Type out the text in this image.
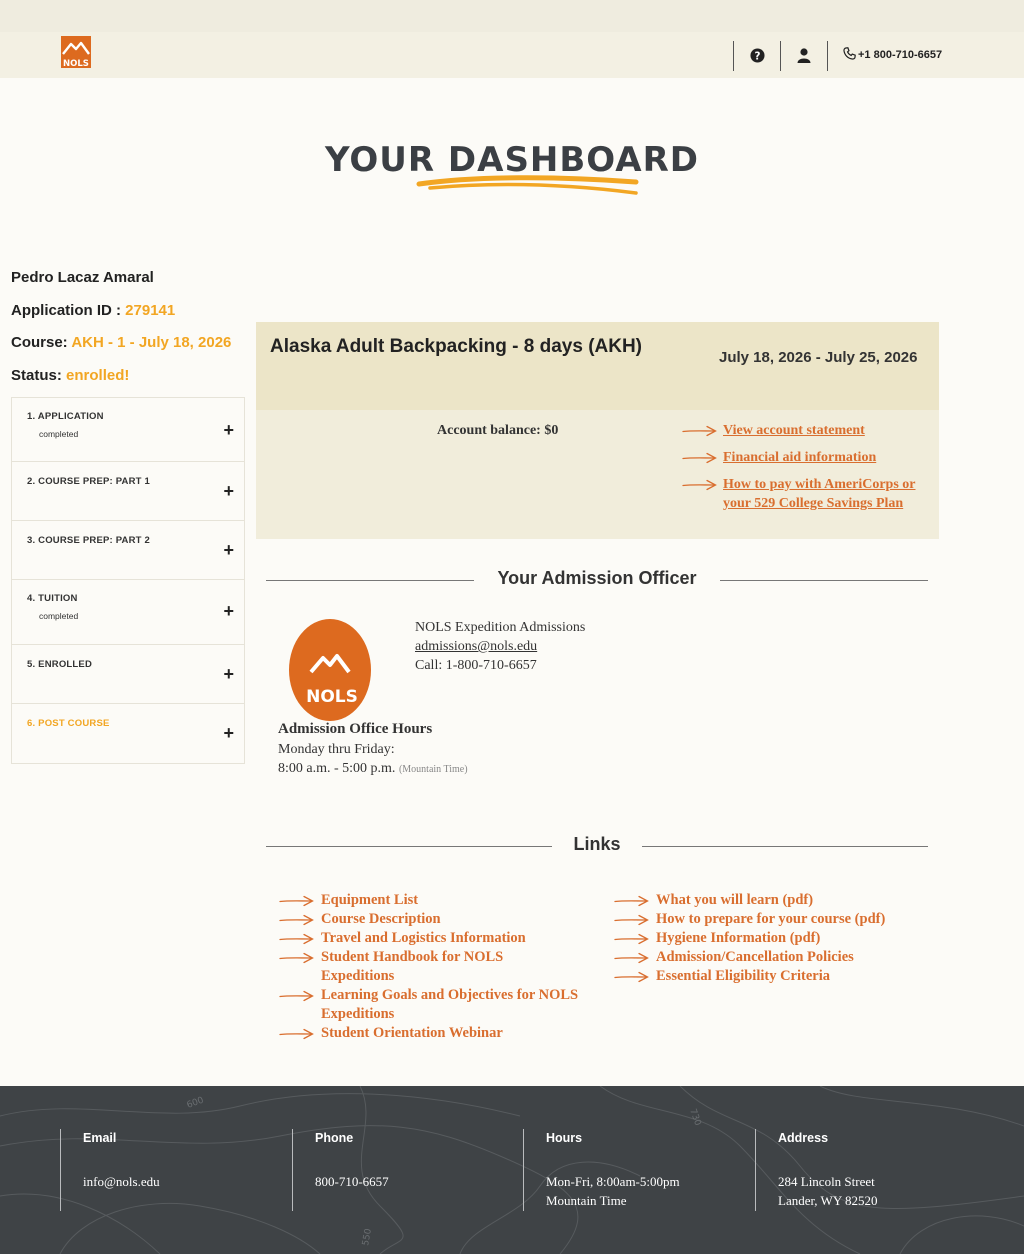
NOLS
?	+1 800-710-6657
YOUR DASHBOARD
Pedro Lacaz Amaral
Application ID : 279141
Course: AKH - 1 - July 18, 2026
Status: enrolled!
1. APPLICATION
completed	+
2. COURSE PREP: PART 1	+
3. COURSE PREP: PART 2	+
4. TUITION
completed	+
5. ENROLLED	+
6. POST COURSE	+
Alaska Adult Backpacking - 8 days (AKH)
July 18, 2026 - July 25, 2026
Account balance: $0	View account statement
Financial aid information
How to pay with AmeriCorps or your 529 College Savings Plan
Your Admission Officer
NOLS
NOLS Expedition Admissions
admissions@nols.edu
Call: 1-800-710-6657
Admission Office Hours
Monday thru Friday:
8:00 a.m. - 5:00 p.m. (Mountain Time)
Links
Equipment List
Course Description
Travel and Logistics Information
Student Handbook for NOLS Expeditions
Learning Goals and Objectives for NOLS Expeditions
Student Orientation Webinar
What you will learn (pdf)
How to prepare for your course (pdf)
Hygiene Information (pdf)
Admission/Cancellation Policies
Essential Eligibility Criteria
600
730
550
Email
info@nols.edu
Phone
800-710-6657
Hours
Mon-Fri, 8:00am-5:00pm
Mountain Time
Address
284 Lincoln Street
Lander, WY 82520
